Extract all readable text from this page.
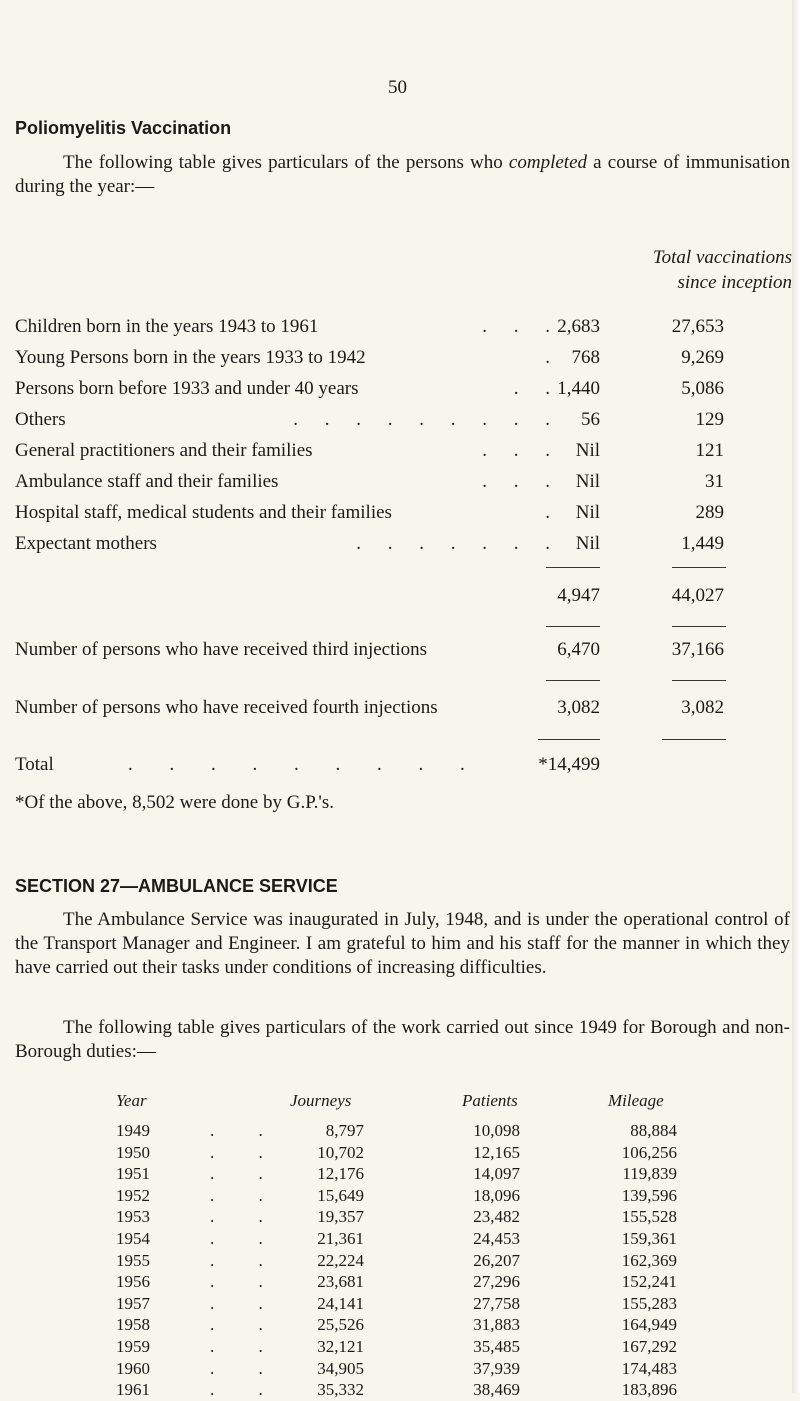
50
Poliomyelitis Vaccination
The following table gives particulars of the persons who completed a course of immunisation during the year:—
Total vaccinations
since inception
Children born in the years 1943 to 1961	. . . 2,683	27,653
Young Persons born in the years 1933 to 1942	. 768	9,269
Persons born before 1933 and under 40 years	. . 1,440	5,086
Others	. . . . . . . . . 56	129
General practitioners and their families	. . . Nil	121
Ambulance staff and their families	. . . Nil	31
Hospital staff, medical students and their families	. Nil	289
Expectant mothers	. . . . . . . Nil	1,449
4,947	44,027
Number of persons who have received third injections	6,470	37,166
Number of persons who have received fourth injections	3,082	3,082
Total	. . . . . . . . .	*14,499
*Of the above, 8,502 were done by G.P.'s.
SECTION 27—AMBULANCE SERVICE
The Ambulance Service was inaugurated in July, 1948, and is under the operational control of the Transport Manager and Engineer. I am grateful to him and his staff for the manner in which they have carried out their tasks under conditions of increasing difficulties.
The following table gives particulars of the work carried out since 1949 for Borough and non-Borough duties:—
Year	Journeys	Patients	Mileage
1949	. .	8,797	10,098	88,884
1950	. .	10,702	12,165	106,256
1951	. .	12,176	14,097	119,839
1952	. .	15,649	18,096	139,596
1953	. .	19,357	23,482	155,528
1954	. .	21,361	24,453	159,361
1955	. .	22,224	26,207	162,369
1956	. .	23,681	27,296	152,241
1957	. .	24,141	27,758	155,283
1958	. .	25,526	31,883	164,949
1959	. .	32,121	35,485	167,292
1960	. .	34,905	37,939	174,483
1961	. .	35,332	38,469	183,896
